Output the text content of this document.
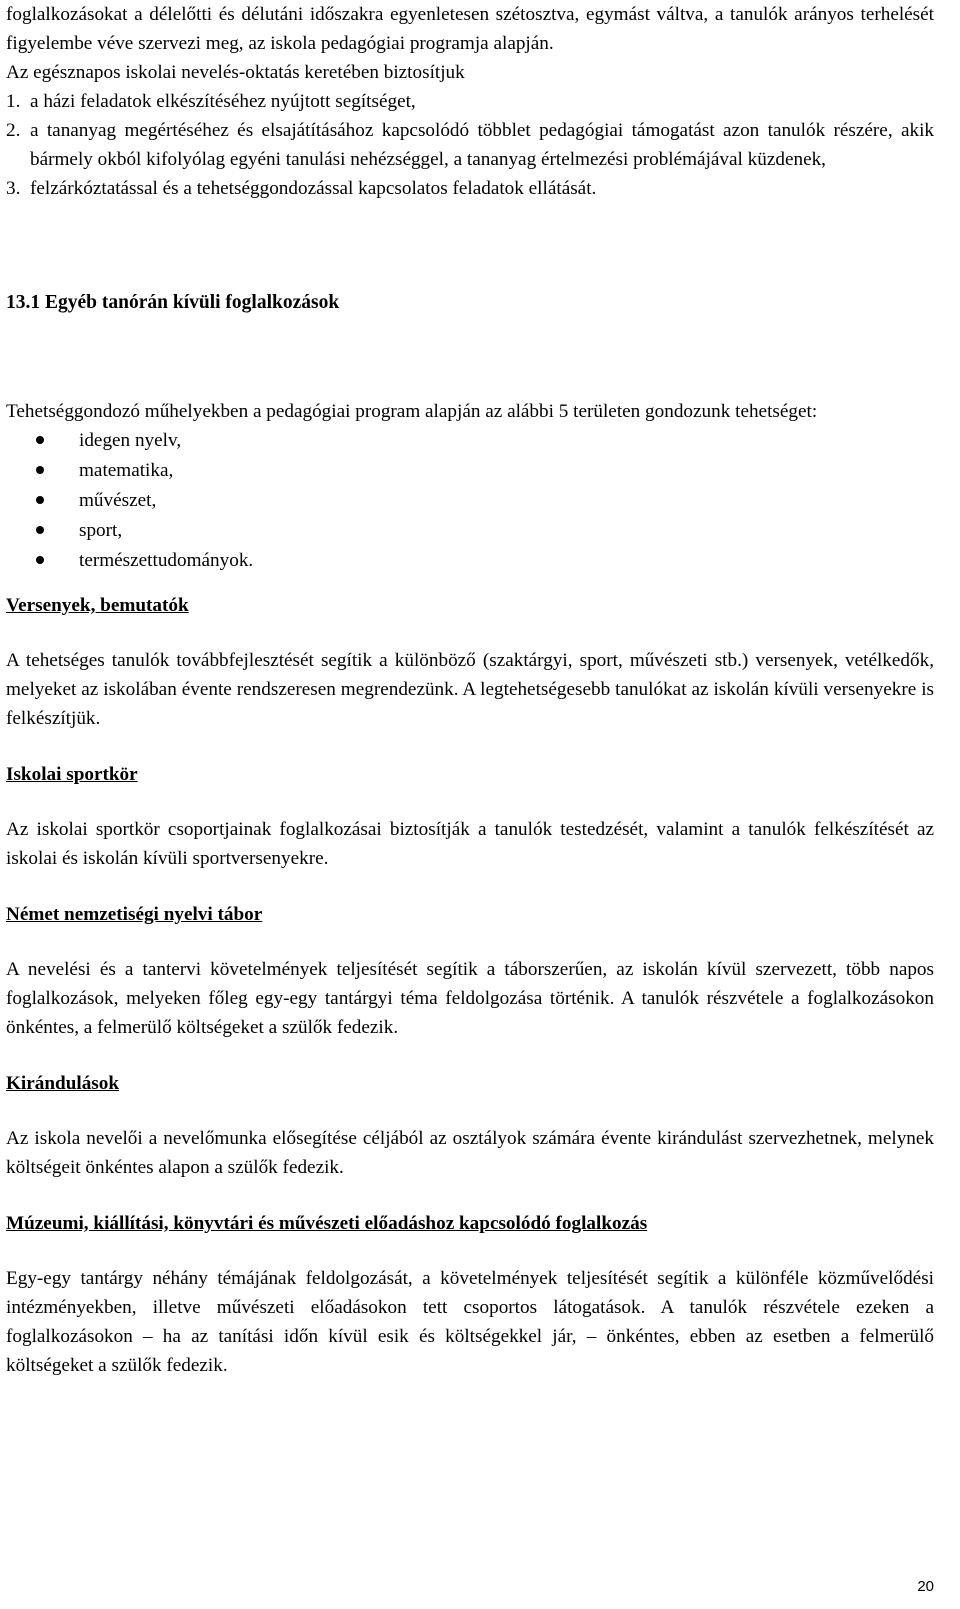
foglalkozásokat a délelőtti és délutáni időszakra egyenletesen szétosztva, egymást váltva, a tanulók arányos terhelését figyelembe véve szervezi meg, az iskola pedagógiai programja alapján.

Az egésznapos iskolai nevelés-oktatás keretében biztosítjuk

1. a házi feladatok elkészítéséhez nyújtott segítséget,
2. a tananyag megértéséhez és elsajátításához kapcsolódó többlet pedagógiai támogatást azon tanulók részére, akik bármely okból kifolyólag egyéni tanulási nehézséggel, a tananyag értelmezési problémájával küzdenek,
3. felzárkóztatással és a tehetséggondozással kapcsolatos feladatok ellátását.
13.1 Egyéb tanórán kívüli foglalkozások

Tehetséggondozó műhelyekben a pedagógiai program alapján az alábbi 5 területen gondozunk tehetséget:

idegen nyelv,
matematika,
művészet,
sport,
természettudományok.
Versenyek, bemutatók

A tehetséges tanulók továbbfejlesztését segítik a különböző (szaktárgyi, sport, művészeti stb.) versenyek, vetélkedők, melyeket az iskolában évente rendszeresen megrendezünk. A legtehetségesebb tanulókat az iskolán kívüli versenyekre is felkészítjük.

Iskolai sportkör

Az iskolai sportkör csoportjainak foglalkozásai biztosítják a tanulók testedzését, valamint a tanulók felkészítését az iskolai és iskolán kívüli sportversenyekre.

Német nemzetiségi nyelvi tábor

A nevelési és a tantervi követelmények teljesítését segítik a táborszerűen, az iskolán kívül szervezett, több napos foglalkozások, melyeken főleg egy-egy tantárgyi téma feldolgozása történik. A tanulók részvétele a foglalkozásokon önkéntes, a felmerülő költségeket a szülők fedezik.

Kirándulások

Az iskola nevelői a nevelőmunka elősegítése céljából az osztályok számára évente kirándulást szervezhetnek, melynek költségeit önkéntes alapon a szülők fedezik.

Múzeumi, kiállítási, könyvtári és művészeti előadáshoz kapcsolódó foglalkozás

Egy-egy tantárgy néhány témájának feldolgozását, a követelmények teljesítését segítik a különféle közművelődési intézményekben, illetve művészeti előadásokon tett csoportos látogatások. A tanulók részvétele ezeken a foglalkozásokon – ha az tanítási időn kívül esik és költségekkel jár, – önkéntes, ebben az esetben a felmerülő költségeket a szülők fedezik.

20
